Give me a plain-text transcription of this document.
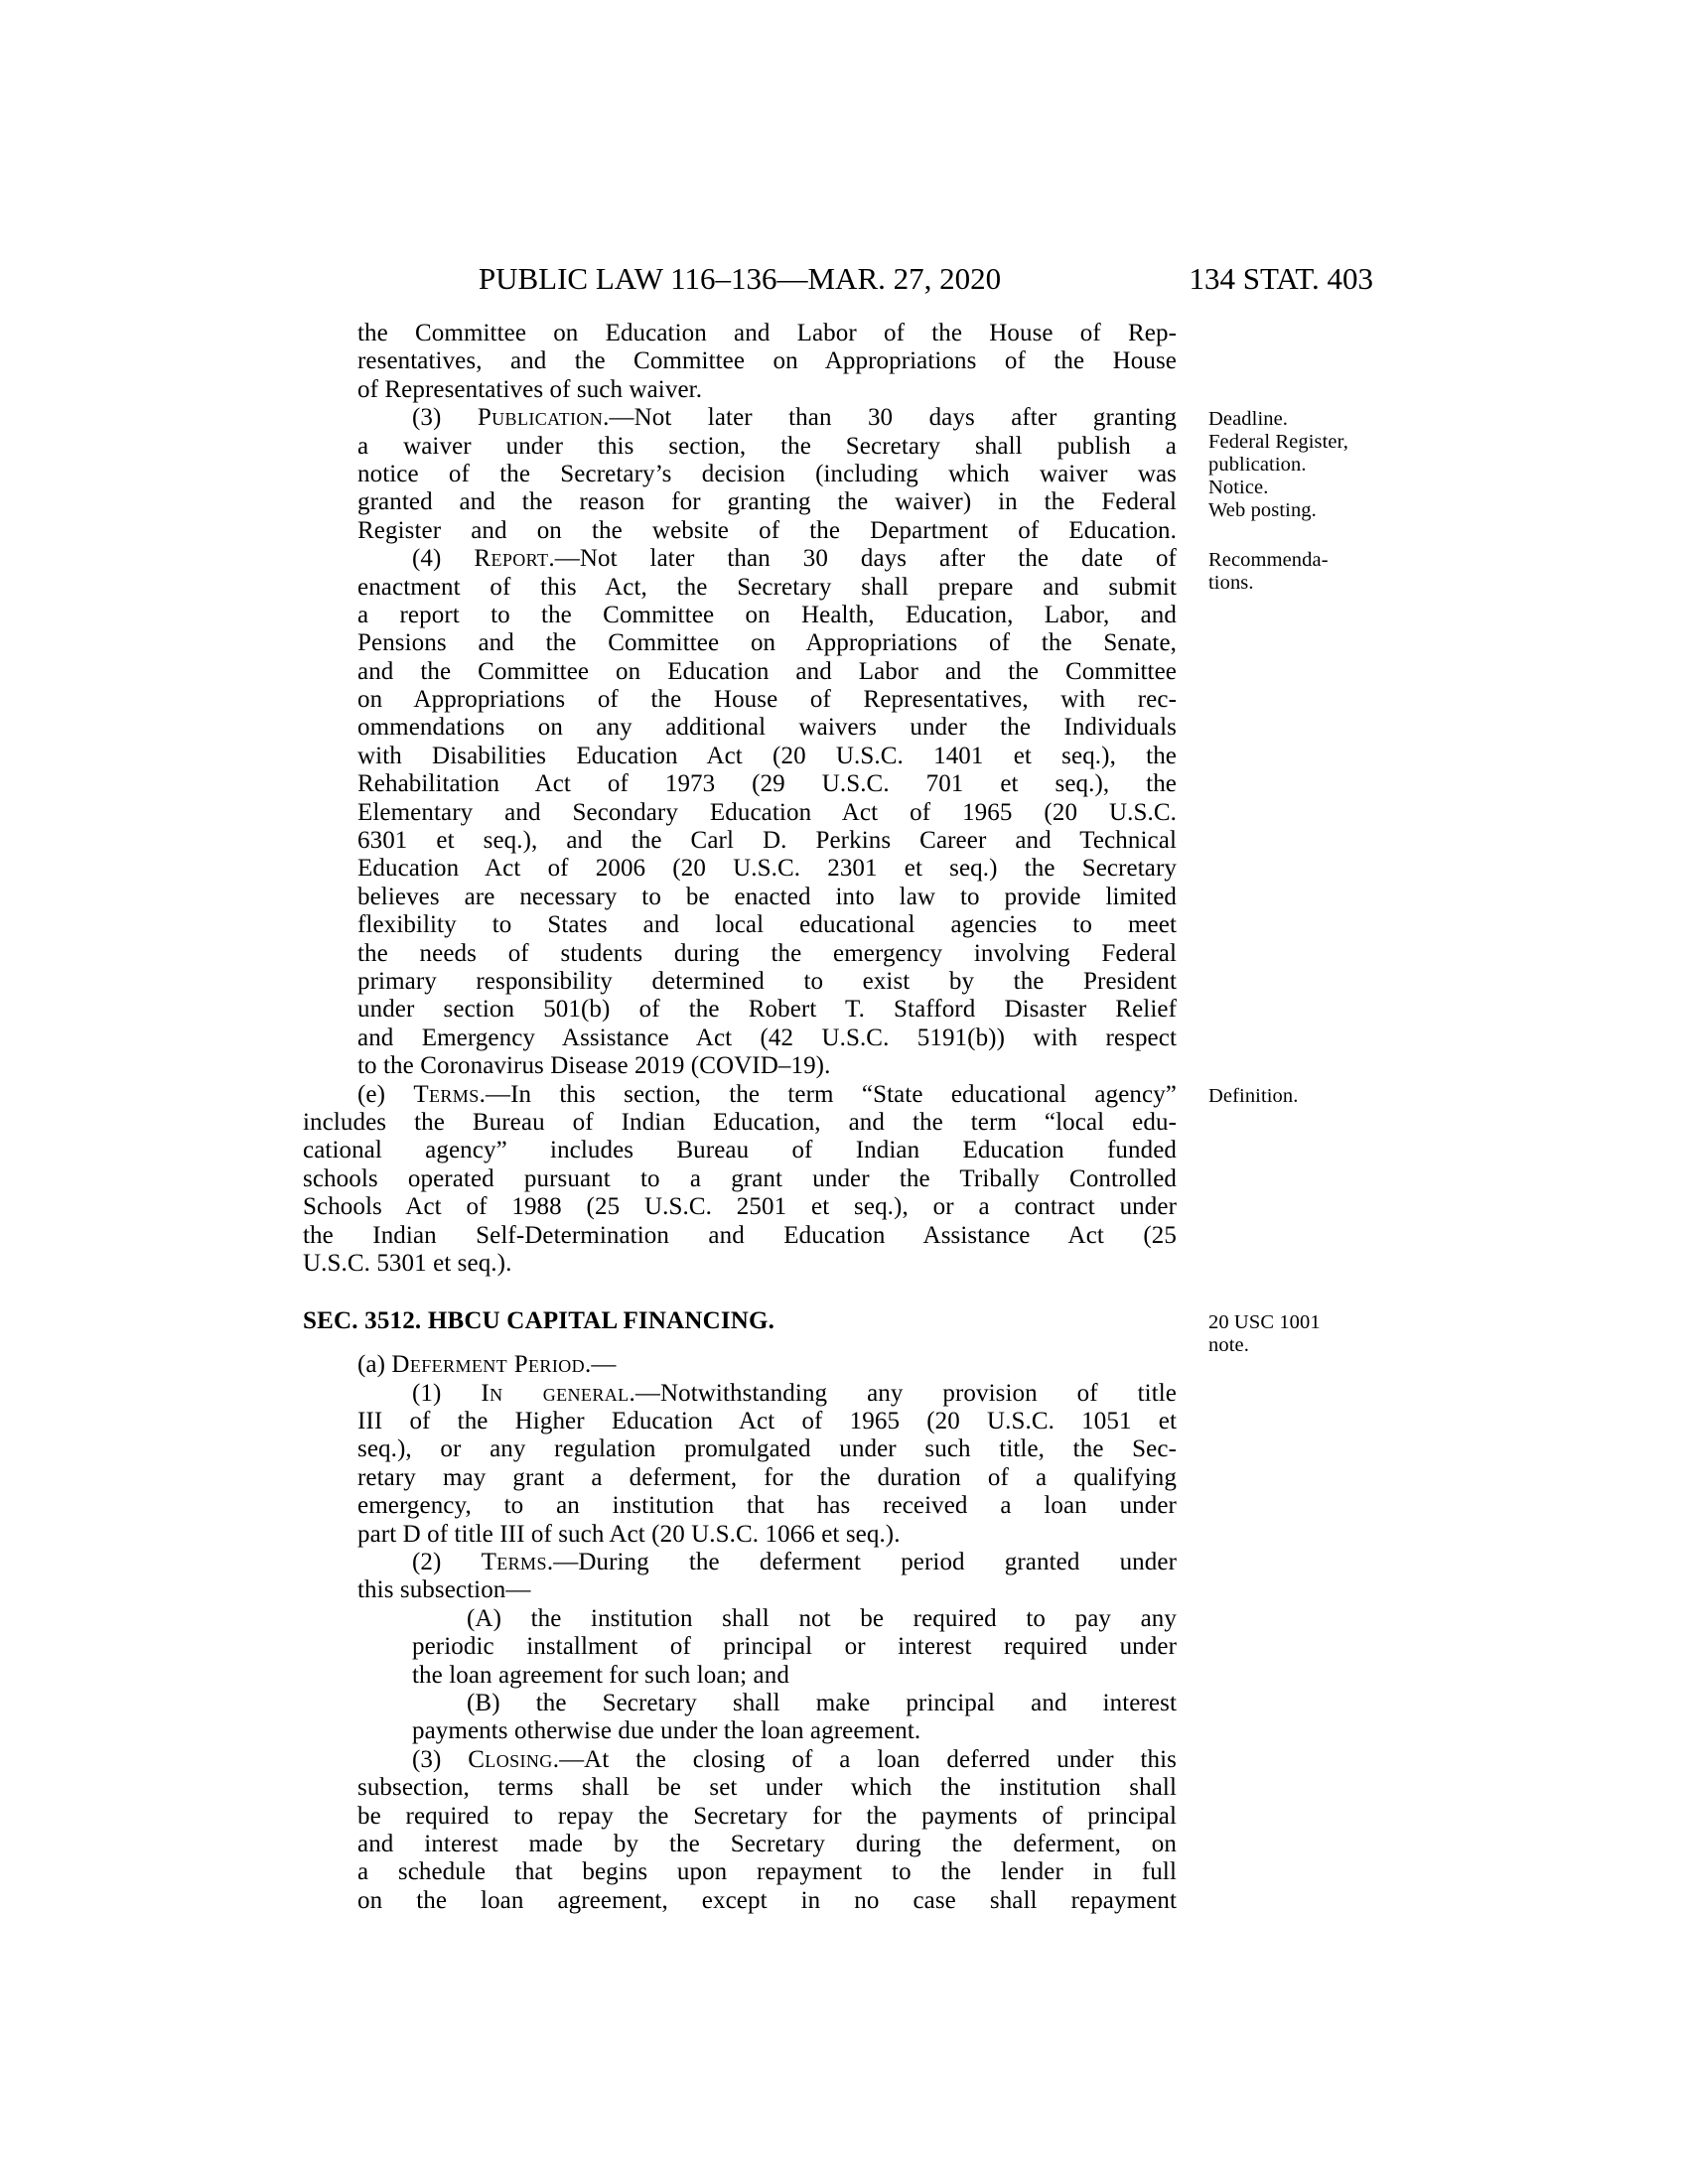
PUBLIC LAW 116–136—MAR. 27, 2020	134 STAT. 403
the Committee on Education and Labor of the House of Rep-
resentatives, and the Committee on Appropriations of the House
of Representatives of such waiver.
(3) Publication.—Not later than 30 days after granting
a waiver under this section, the Secretary shall publish a
notice of the Secretary’s decision (including which waiver was
granted and the reason for granting the waiver) in the Federal
Register and on the website of the Department of Education.
Deadline.
Federal Register,
publication.
Notice.
Web posting.
(4) Report.—Not later than 30 days after the date of
enactment of this Act, the Secretary shall prepare and submit
a report to the Committee on Health, Education, Labor, and
Pensions and the Committee on Appropriations of the Senate,
and the Committee on Education and Labor and the Committee
on Appropriations of the House of Representatives, with rec-
ommendations on any additional waivers under the Individuals
with Disabilities Education Act (20 U.S.C. 1401 et seq.), the
Rehabilitation Act of 1973 (29 U.S.C. 701 et seq.), the
Elementary and Secondary Education Act of 1965 (20 U.S.C.
6301 et seq.), and the Carl D. Perkins Career and Technical
Education Act of 2006 (20 U.S.C. 2301 et seq.) the Secretary
believes are necessary to be enacted into law to provide limited
flexibility to States and local educational agencies to meet
the needs of students during the emergency involving Federal
primary responsibility determined to exist by the President
under section 501(b) of the Robert T. Stafford Disaster Relief
and Emergency Assistance Act (42 U.S.C. 5191(b)) with respect
to the Coronavirus Disease 2019 (COVID–19).
Recommenda-
tions.
(e) Terms.—In this section, the term “State educational agency”
includes the Bureau of Indian Education, and the term “local edu-
cational agency” includes Bureau of Indian Education funded
schools operated pursuant to a grant under the Tribally Controlled
Schools Act of 1988 (25 U.S.C. 2501 et seq.), or a contract under
the Indian Self-Determination and Education Assistance Act (25
U.S.C. 5301 et seq.).
Definition.
SEC. 3512. HBCU CAPITAL FINANCING.	20 USC 1001
note.
(a) Deferment Period.—
(1) In general.—Notwithstanding any provision of title
III of the Higher Education Act of 1965 (20 U.S.C. 1051 et
seq.), or any regulation promulgated under such title, the Sec-
retary may grant a deferment, for the duration of a qualifying
emergency, to an institution that has received a loan under
part D of title III of such Act (20 U.S.C. 1066 et seq.).
(2) Terms.—During the deferment period granted under
this subsection—
(A) the institution shall not be required to pay any
periodic installment of principal or interest required under
the loan agreement for such loan; and
(B) the Secretary shall make principal and interest
payments otherwise due under the loan agreement.
(3) Closing.—At the closing of a loan deferred under this
subsection, terms shall be set under which the institution shall
be required to repay the Secretary for the payments of principal
and interest made by the Secretary during the deferment, on
a schedule that begins upon repayment to the lender in full
on the loan agreement, except in no case shall repayment
